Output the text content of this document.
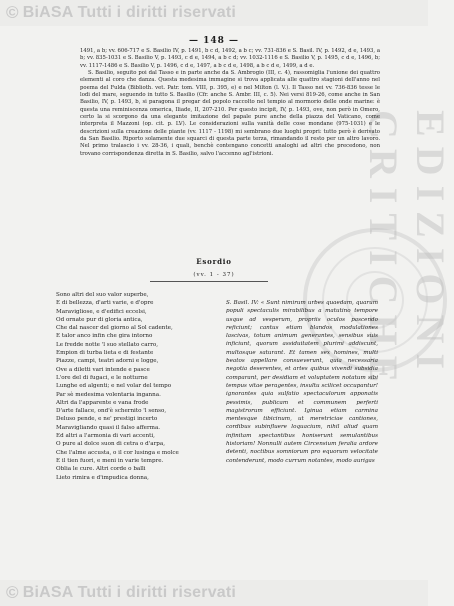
© BiASA Tutti i diritti riservati
EDIZIONI CRITICHE
— 148 —

1491, a b; vv. 606-717 e S. Basilio IV, p. 1491, b c d, 1492, a b c; vv. 731-836 e S. Basil. IV, p. 1492, d e, 1493, a b; vv. 835-1031 e S. Basilio V, p. 1493, c d e, 1494, a b c d; vv. 1032-1116 e S. Basilio V, p. 1495, c d e, 1496, b; vv. 1117-1486 e S. Basilio V, p. 1496, c d e, 1497, a b c d e, 1498, a b c d e, 1499, a d e.

S. Basilio, seguito poi dal Tasso e in parte anche da S. Ambrogio (III, c. 4), rassomiglia l'unione dei quattro elementi al coro che danza. Questa medesima immagine si trova applicata alle quattro stagioni dell'anno nel poema del Fulda (Biblioth. vet. Patr. tom. VIII, p. 395, e) e nel Milton (l. V.). Il Tasso nei vv. 736-836 tesse le lodi del mare, seguendo in tutto S. Basilio (Cfr. anche S. Ambr. III, c. 5). Nei versi 819-26, come anche in San Basilio, IV, p. 1493, b, si paragona il pregar del popolo raccolto nel tempio al mormorio delle onde marine: è questa una reminiscenza omerica, Iliade, II, 207-210. Per questo incipit, IV, p. 1493, ove, non però in Omero, certo la si scorgono da una elegante imitazione del papale pure anche della piazza del Vaticano, come interpreta il Mazzoni (op. cit. p. LV). Le considerazioni sulla vanità delle cose mondane (975-1031) e le descrizioni sulla creazione delle piante (vv. 1117 - 1198) mi sembrano due luoghi propri: tutto però è derivato da San Basilio. Riporto solamente due squarci di questa parte terza, rimandando il resto per un altro lavoro. Nel primo tralascio i vv. 28-36, i quali, benchè contengano concetti analoghi ad altri che precedono, non trovano corrispondenza diretta in S. Basilio, salvo l'accenno agl'istrioni.

Esordio
(vv. 1 - 37)
Sono altri del suo valor superbe,
E di bellezza, d'arti varie, e d'opre
Maravigliose, e d'edifici eccelsi,
Od ornate pur di gloria antica,
Che dal nascer del giorno al Sol cadente,
E talor anco infin che gira intorno
Le fredde notte 'l suo stellato carro,
Empion di turba lieta e di festante
Piazze, campi, teatri adorni e logge,
Ove a diletti vari intende e pasce
L'ore del di fugaci, e le notturne
Lunghe ed algenti; e nel volar del tempo
Par sè medesima volentaria inganna.
Altri da l'apparente e vana frode
D'arte fallace, ond'è schernito 'l senso,
Deluso pende, e ne' prestigi incerto
Maravigliando quasi il falso afferma.
Ed altri a l'armonia di vari accenti,
O pure al dolce suon di cetra o d'arpa,
Che l'alme accusta, o il cor lusinga e molce
E il tien fuori, e meni in varie tempre.
Oblia le cure. Altri corde o balli
Lieto rimira e d'impudica donna,
S. Basil. IV: « Sunt nimirum urbes quaedam, quarum populi spectaculis mirabilibus a matutino tempore usque ad vesperum, propriis oculos pascendo reficiunt; cantus etiam blandos modulationes lascivas, totum animum generantes, sensibus suis inficiunt, quorum assiduitatem plurimi addiscunt, multosque saturant. Et tamen sex homines, multi beatos appellare consueverunt, quia necessaria negotia deserentes, et artes quibus vivendi subsidia comparant, per desidiam et voluptatem notatum sibi tempus vitae peragentes, insultu scilicet occupantur! ignorantes quia sulfatio spectaculorum apponatis pessimis, publicam et communem perferti magistrorum efficiunt. Iginua etiam carmina mentesque tibicinum, ut meretriciae cantiones, cordibus subinfluere loquacium, nihil aliud quam infinitam spectantibus honiserunt semulantibus historiam! Nonnulli autem Circensium feralia ardore detenti, noctibus somniorum pro equorum velocitate contenderunt, modo currum notantes, modo aurigas
© BiASA Tutti i diritti riservati
